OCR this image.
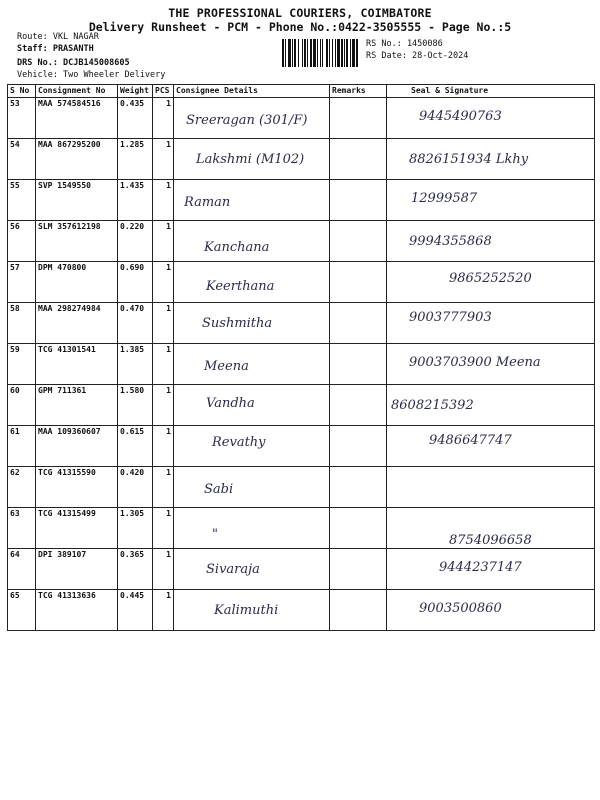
THE PROFESSIONAL COURIERS, COIMBATORE
Delivery Runsheet - PCM - Phone No.:0422-3505555 - Page No.:5
Route: VKL NAGAR
Staff: PRASANTH
DRS No.: DCJB145008605
Vehicle: Two Wheeler Delivery
RS No.: 1450086
RS Date: 28-Oct-2024
S No	Consignment No	Weight	PCS	Consignee Details	Remarks	Seal & Signature
53	MAA 574584516	0.435	1	Sreeragan (301/F)		9445490763
54	MAA 867295200	1.285	1	Lakshmi (M102)		8826151934 Lkhy
55	SVP 1549550	1.435	1	Raman		12999587
56	SLM 357612198	0.220	1	Kanchana		9994355868
57	DPM 470800	0.690	1	Keerthana		9865252520
58	MAA 298274984	0.470	1	Sushmitha		9003777903
59	TCG 41301541	1.385	1	Meena		9003703900 Meena
60	GPM 711361	1.580	1	Vandha		8608215392
61	MAA 109360607	0.615	1	Revathy		9486647747
62	TCG 41315590	0.420	1	Sabi		
63	TCG 41315499	1.305	1	"		8754096658
64	DPI 389107	0.365	1	Sivaraja		9444237147
65	TCG 41313636	0.445	1	Kalimuthi		9003500860
